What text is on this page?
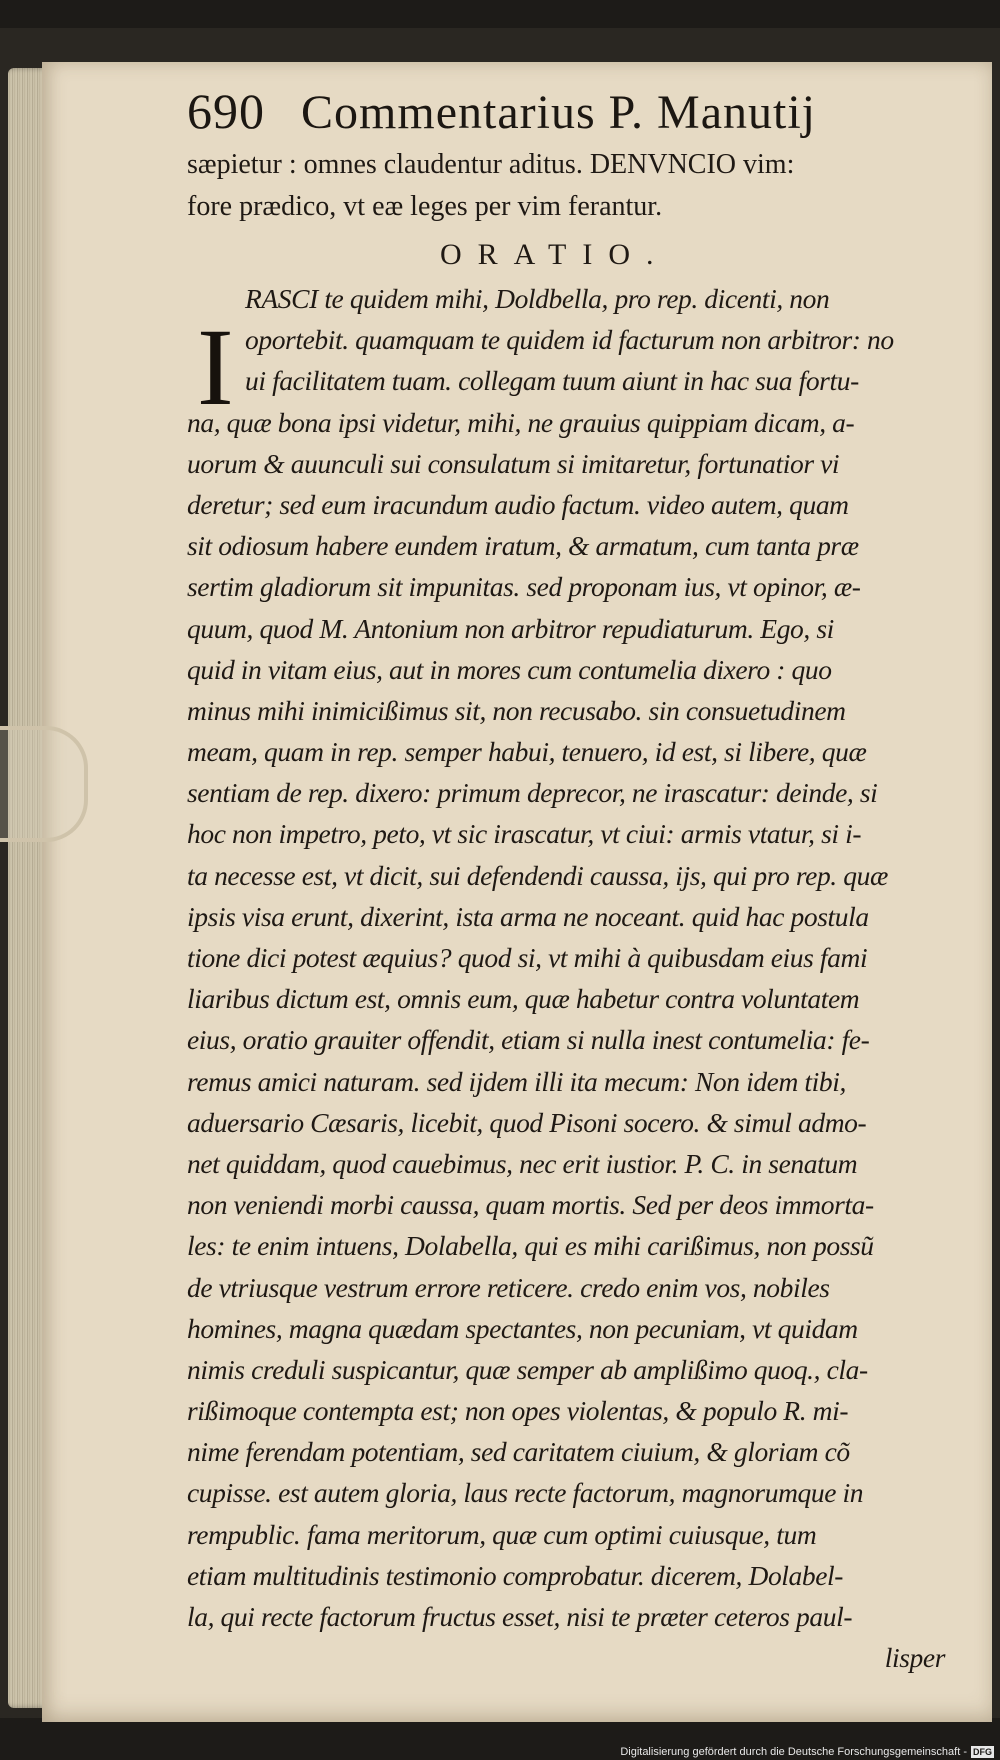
690 Commentarius P. Manutij
sæpietur : omnes claudentur aditus. DENVNCIO vim:
fore prædico, vt eæ leges per vim ferantur.
ORATIO.
I
RASCI te quidem mihi, Doldbella, pro rep. dicenti, non
oportebit. quamquam te quidem id facturum non arbitror: no
ui facilitatem tuam. collegam tuum aiunt in hac sua fortu-
na, quæ bona ipsi videtur, mihi, ne grauius quippiam dicam, a-
uorum & auunculi sui consulatum si imitaretur, fortunatior vi
deretur; sed eum iracundum audio factum. video autem, quam
sit odiosum habere eundem iratum, & armatum, cum tanta præ
sertim gladiorum sit impunitas. sed proponam ius, vt opinor, æ-
quum, quod M. Antonium non arbitror repudiaturum. Ego, si
quid in vitam eius, aut in mores cum contumelia dixero : quo
minus mihi inimicißimus sit, non recusabo. sin consuetudinem
meam, quam in rep. semper habui, tenuero, id est, si libere, quæ
sentiam de rep. dixero: primum deprecor, ne irascatur: deinde, si
hoc non impetro, peto, vt sic irascatur, vt ciui: armis vtatur, si i-
ta necesse est, vt dicit, sui defendendi caussa, ijs, qui pro rep. quæ
ipsis visa erunt, dixerint, ista arma ne noceant. quid hac postula
tione dici potest æquius? quod si, vt mihi à quibusdam eius fami
liaribus dictum est, omnis eum, quæ habetur contra voluntatem
eius, oratio grauiter offendit, etiam si nulla inest contumelia: fe-
remus amici naturam. sed ijdem illi ita mecum: Non idem tibi,
aduersario Cæsaris, licebit, quod Pisoni socero. & simul admo-
net quiddam, quod cauebimus, nec erit iustior. P. C. in senatum
non veniendi morbi caussa, quam mortis. Sed per deos immorta-
les: te enim intuens, Dolabella, qui es mihi carißimus, non possũ
de vtriusque vestrum errore reticere. credo enim vos, nobiles
homines, magna quædam spectantes, non pecuniam, vt quidam
nimis creduli suspicantur, quæ semper ab amplißimo quoq., cla-
rißimoque contempta est; non opes violentas, & populo R. mi-
nime ferendam potentiam, sed caritatem ciuium, & gloriam cõ
cupisse. est autem gloria, laus recte factorum, magnorumque in
rempublic. fama meritorum, quæ cum optimi cuiusque, tum
etiam multitudinis testimonio comprobatur. dicerem, Dolabel-
la, qui recte factorum fructus esset, nisi te præter ceteros paul-
lisper
Digitalisierung gefördert durch die Deutsche Forschungsgemeinschaft - DFG
